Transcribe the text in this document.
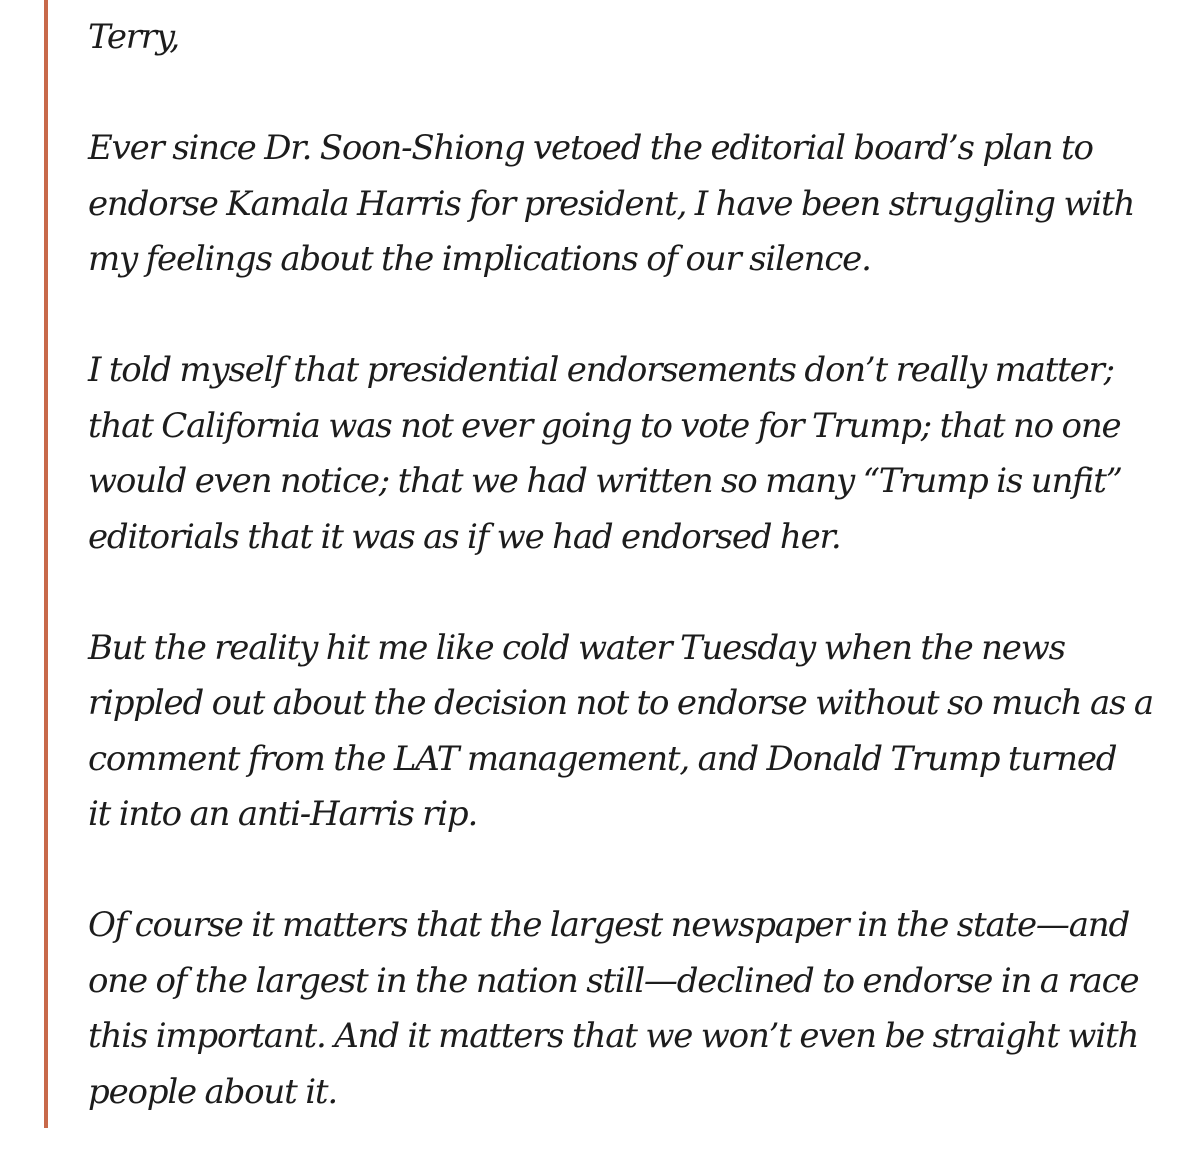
Terry,

Ever since Dr. Soon-Shiong vetoed the editorial board’s plan to
endorse Kamala Harris for president, I have been struggling with
my feelings about the implications of our silence.

I told myself that presidential endorsements don’t really matter;
that California was not ever going to vote for Trump; that no one
would even notice; that we had written so many “Trump is unfit”
editorials that it was as if we had endorsed her.

But the reality hit me like cold water Tuesday when the news
rippled out about the decision not to endorse without so much as a
comment from the LAT management, and Donald Trump turned
it into an anti-Harris rip.

Of course it matters that the largest newspaper in the state—and
one of the largest in the nation still—declined to endorse in a race
this important. And it matters that we won’t even be straight with
people about it.
